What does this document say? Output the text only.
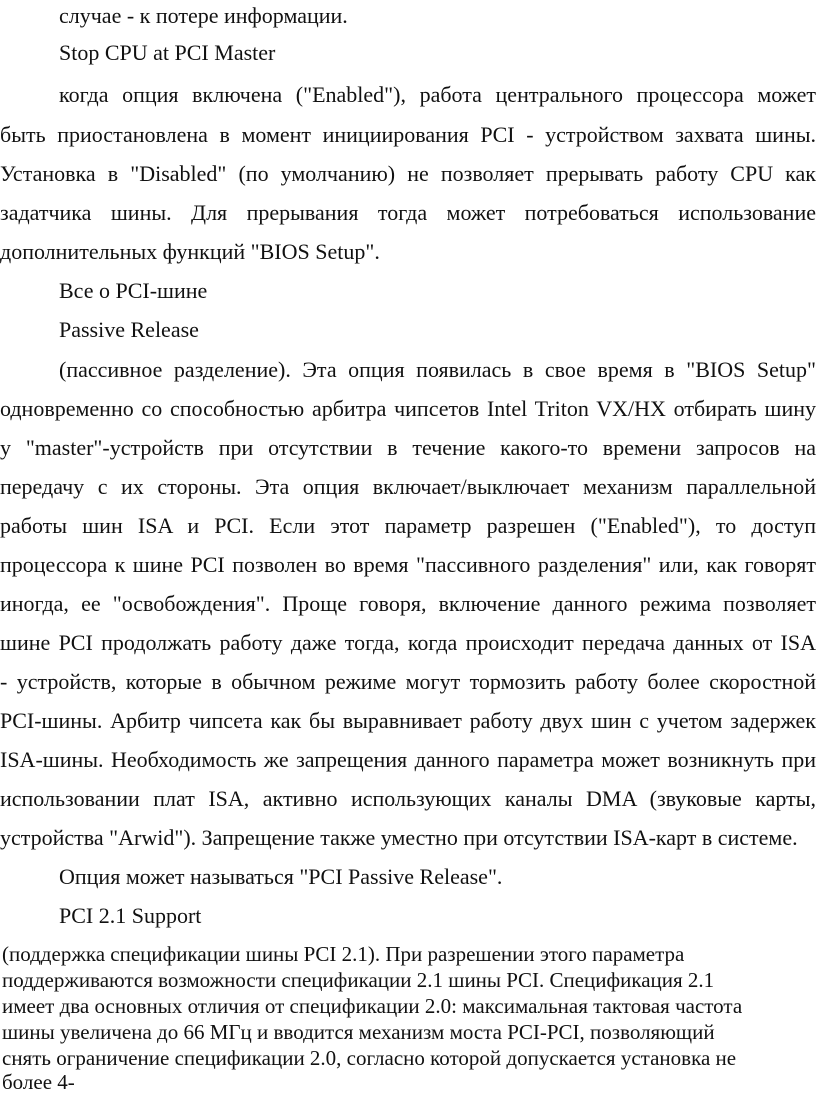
случае - к потере информации.

Stop CPU at PCI Master

когда опция включена ("Enabled"), работа центрального процессора может

быть приостановлена в момент инициирования PCI - устройством захвата шины.

Установка в "Disabled" (по умолчанию) не позволяет прерывать работу CPU как

задатчика шины. Для прерывания тогда может потребоваться использование

дополнительных функций "BIOS Setup".

Все о PCI-шине

Passive Release

(пассивное разделение). Эта опция появилась в свое время в "BIOS Setup"

одновременно со способностью арбитра чипсетов Intel Triton VX/HX отбирать шину

у "master"-устройств при отсутствии в течение какого-то времени запросов на

передачу с их стороны. Эта опция включает/выключает механизм параллельной

работы шин ISA и PCI. Если этот параметр разрешен ("Enabled"), то доступ

процессора к шине PCI позволен во время "пассивного разделения" или, как говорят

иногда, ее "освобождения". Проще говоря, включение данного режима позволяет

шине PCI продолжать работу даже тогда, когда происходит передача данных от ISA

- устройств, которые в обычном режиме могут тормозить работу более скоростной

PCI-шины. Арбитр чипсета как бы выравнивает работу двух шин с учетом задержек

ISA-шины. Необходимость же запрещения данного параметра может возникнуть при

использовании плат ISA, активно использующих каналы DMA (звуковые карты,

устройства "Arwid"). Запрещение также уместно при отсутствии ISA-карт в системе.

Опция может называться "PCI Passive Release".

PCI 2.1 Support

(поддержка спецификации шины PCI 2.1). При разрешении этого параметра

поддерживаются возможности спецификации 2.1 шины PCI. Спецификация 2.1

имеет два основных отличия от спецификации 2.0: максимальная тактовая частота

шины увеличена до 66 МГц и вводится механизм моста PCI-PCI, позволяющий

снять ограничение спецификации 2.0, согласно которой допускается установка не

более 4-
